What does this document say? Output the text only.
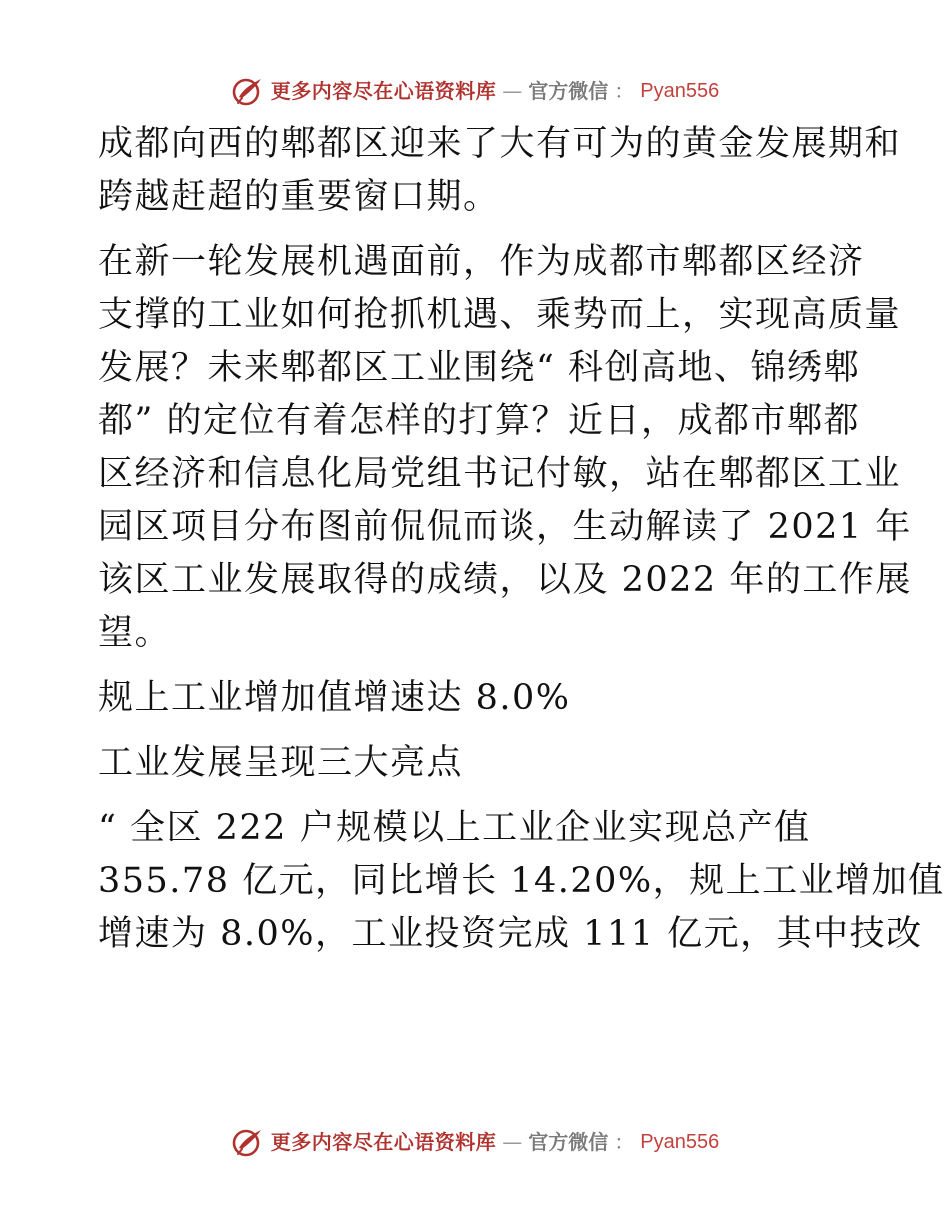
更多内容尽在心语资料库 — 官方微信 ： Pyan556

成都向西的郫都区迎来了大有可为的黄金发展期和
跨越赶超的重要窗口期。

在新一轮发展机遇面前，作为成都市郫都区经济
支撑的工业如何抢抓机遇、乘势而上，实现高质量
发展？未来郫都区工业围绕“ 科创高地、锦绣郫
都” 的定位有着怎样的打算？近日，成都市郫都
区经济和信息化局党组书记付敏，站在郫都区工业
园区项目分布图前侃侃而谈，生动解读了 2021 年
该区工业发展取得的成绩，以及 2022 年的工作展
望。

规上工业增加值增速达 8.0%

工业发展呈现三大亮点

“ 全区 222 户规模以上工业企业实现总产值
355.78 亿元，同比增长 14.20%，规上工业增加值
增速为 8.0%，工业投资完成 111 亿元，其中技改

更多内容尽在心语资料库 — 官方微信 ： Pyan556
